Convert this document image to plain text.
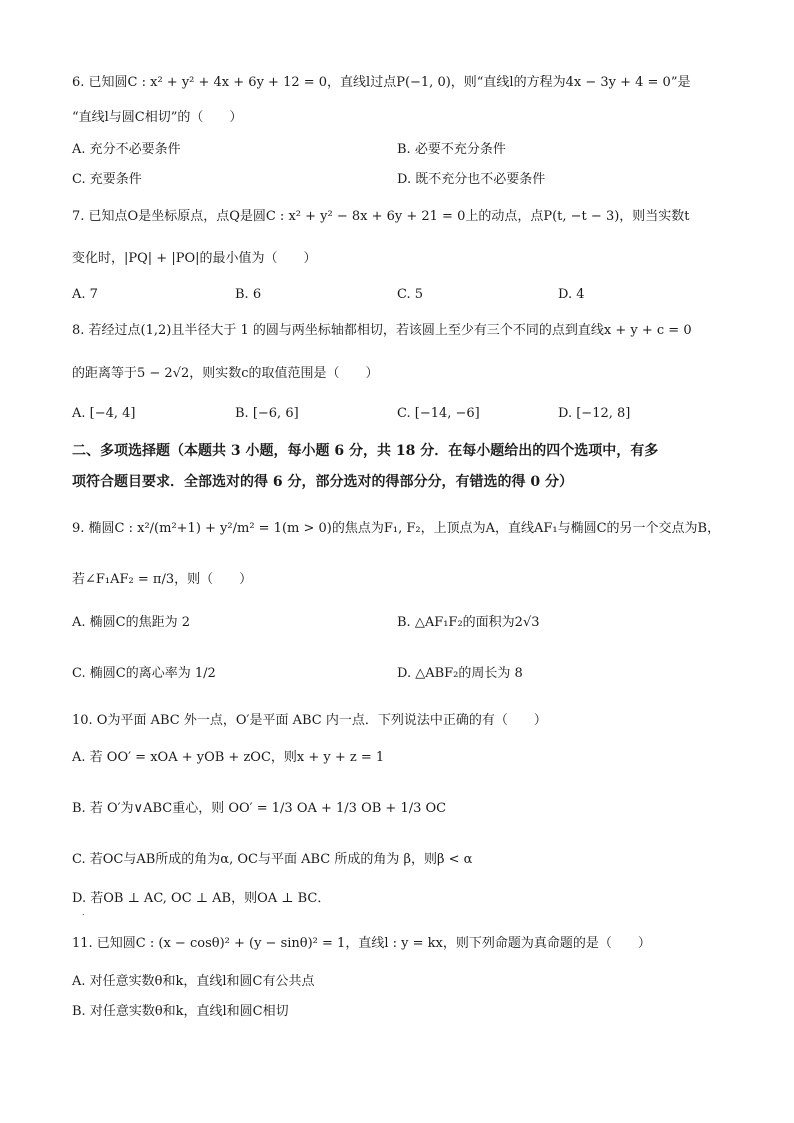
6. 已知圆C : x² + y² + 4x + 6y + 12 = 0，直线l过点P(−1, 0)，则“直线l的方程为4x − 3y + 4 = 0”是
“直线l与圆C相切”的（　　）
A. 充分不必要条件	B. 必要不充分条件
C. 充要条件	D. 既不充分也不必要条件
7. 已知点O是坐标原点，点Q是圆C : x² + y² − 8x + 6y + 21 = 0上的动点，点P(t, −t − 3)，则当实数t
变化时，|PQ| + |PO|的最小值为（　　）
A. 7	B. 6	C. 5	D. 4
8. 若经过点(1,2)且半径大于 1 的圆与两坐标轴都相切，若该圆上至少有三个不同的点到直线x + y + c = 0
的距离等于5 − 2√2，则实数c的取值范围是（　　）
A. [−4, 4]	B. [−6, 6]	C. [−14, −6]	D. [−12, 8]
二、多项选择题（本题共 3 小题，每小题 6 分，共 18 分．在每小题给出的四个选项中，有多
项符合题目要求．全部选对的得 6 分，部分选对的得部分分，有错选的得 0 分）
9. 椭圆C : x²/(m²+1) + y²/m² = 1(m > 0)的焦点为F₁, F₂，上顶点为A，直线AF₁与椭圆C的另一个交点为B，
若∠F₁AF₂ = π/3，则（　　）
A. 椭圆C的焦距为 2	B. △AF₁F₂的面积为2√3
C. 椭圆C的离心率为 1/2	D. △ABF₂的周长为 8
10. O为平面 ABC 外一点，O′是平面 ABC 内一点．下列说法中正确的有（　　）
A. 若 OO′ = xOA + yOB + zOC，则x + y + z = 1
B. 若 O′为∨ABC重心，则 OO′ = 1/3 OA + 1/3 OB + 1/3 OC
C. 若OC与AB所成的角为α, OC与平面 ABC 所成的角为 β，则β < α
D. 若OB ⊥ AC, OC ⊥ AB，则OA ⊥ BC．
.
11. 已知圆C : (x − cosθ)² + (y − sinθ)² = 1，直线l : y = kx，则下列命题为真命题的是（　　）
A. 对任意实数θ和k，直线l和圆C有公共点
B. 对任意实数θ和k，直线l和圆C相切
